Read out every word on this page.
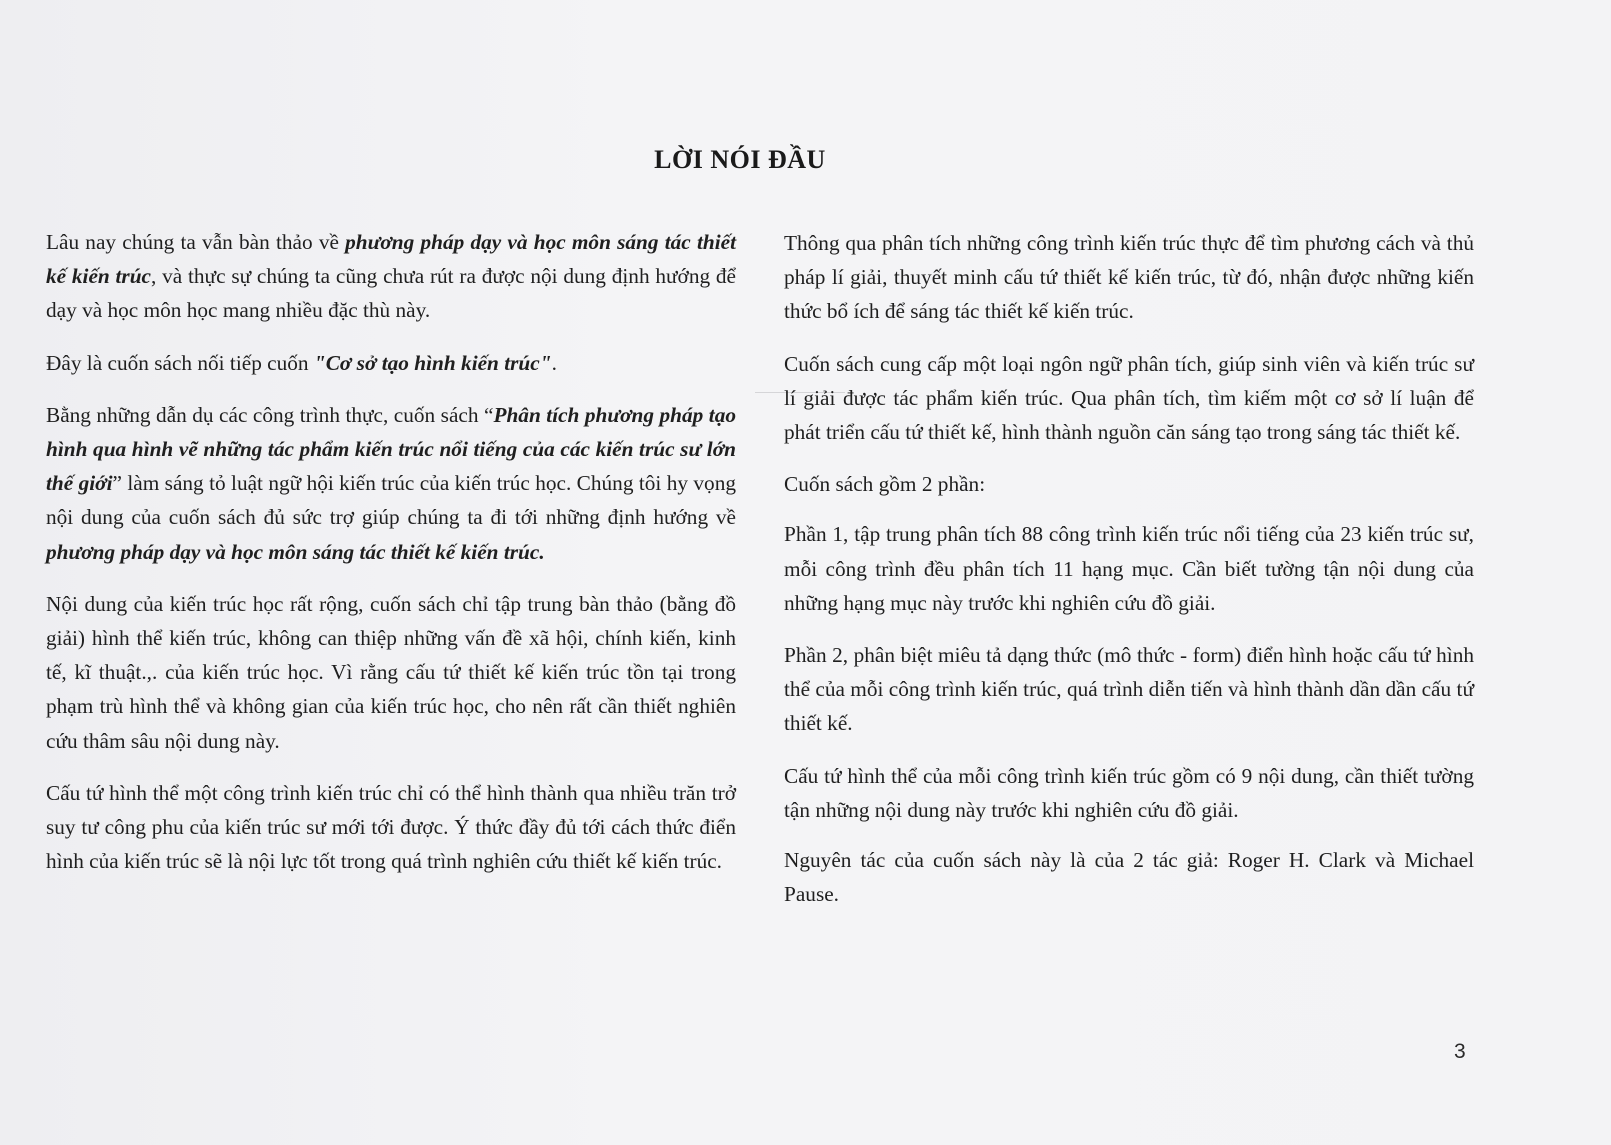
LỜI NÓI ĐẦU

Lâu nay chúng ta vẫn bàn thảo về phương pháp dạy và học môn sáng tác thiết kế kiến trúc, và thực sự chúng ta cũng chưa rút ra được nội dung định hướng để dạy và học môn học mang nhiều đặc thù này.

Đây là cuốn sách nối tiếp cuốn "Cơ sở tạo hình kiến trúc".

Bằng những dẫn dụ các công trình thực, cuốn sách “Phân tích phương pháp tạo hình qua hình vẽ những tác phẩm kiến trúc nổi tiếng của các kiến trúc sư lớn thế giới” làm sáng tỏ luật ngữ hội kiến trúc của kiến trúc học. Chúng tôi hy vọng nội dung của cuốn sách đủ sức trợ giúp chúng ta đi tới những định hướng về phương pháp dạy và học môn sáng tác thiết kế kiến trúc.

Nội dung của kiến trúc học rất rộng, cuốn sách chỉ tập trung bàn thảo (bằng đồ giải) hình thể kiến trúc, không can thiệp những vấn đề xã hội, chính kiến, kinh tế, kĩ thuật.,. của kiến trúc học. Vì rằng cấu tứ thiết kế kiến trúc tồn tại trong phạm trù hình thể và không gian của kiến trúc học, cho nên rất cần thiết nghiên cứu thâm sâu nội dung này.

Cấu tứ hình thể một công trình kiến trúc chỉ có thể hình thành qua nhiều trăn trở suy tư công phu của kiến trúc sư mới tới được. Ý thức đầy đủ tới cách thức điển hình của kiến trúc sẽ là nội lực tốt trong quá trình nghiên cứu thiết kế kiến trúc.

Thông qua phân tích những công trình kiến trúc thực để tìm phương cách và thủ pháp lí giải, thuyết minh cấu tứ thiết kế kiến trúc, từ đó, nhận được những kiến thức bổ ích để sáng tác thiết kế kiến trúc.

Cuốn sách cung cấp một loại ngôn ngữ phân tích, giúp sinh viên và kiến trúc sư lí giải được tác phẩm kiến trúc. Qua phân tích, tìm kiếm một cơ sở lí luận để phát triển cấu tứ thiết kế, hình thành nguồn căn sáng tạo trong sáng tác thiết kế.

Cuốn sách gồm 2 phần:

Phần 1, tập trung phân tích 88 công trình kiến trúc nổi tiếng của 23 kiến trúc sư, mỗi công trình đều phân tích 11 hạng mục. Cần biết tường tận nội dung của những hạng mục này trước khi nghiên cứu đồ giải.

Phần 2, phân biệt miêu tả dạng thức (mô thức - form) điển hình hoặc cấu tứ hình thể của mỗi công trình kiến trúc, quá trình diễn tiến và hình thành dần dần cấu tứ thiết kế.

Cấu tứ hình thể của mỗi công trình kiến trúc gồm có 9 nội dung, cần thiết tường tận những nội dung này trước khi nghiên cứu đồ giải.

Nguyên tác của cuốn sách này là của 2 tác giả: Roger H. Clark và Michael Pause.

3
